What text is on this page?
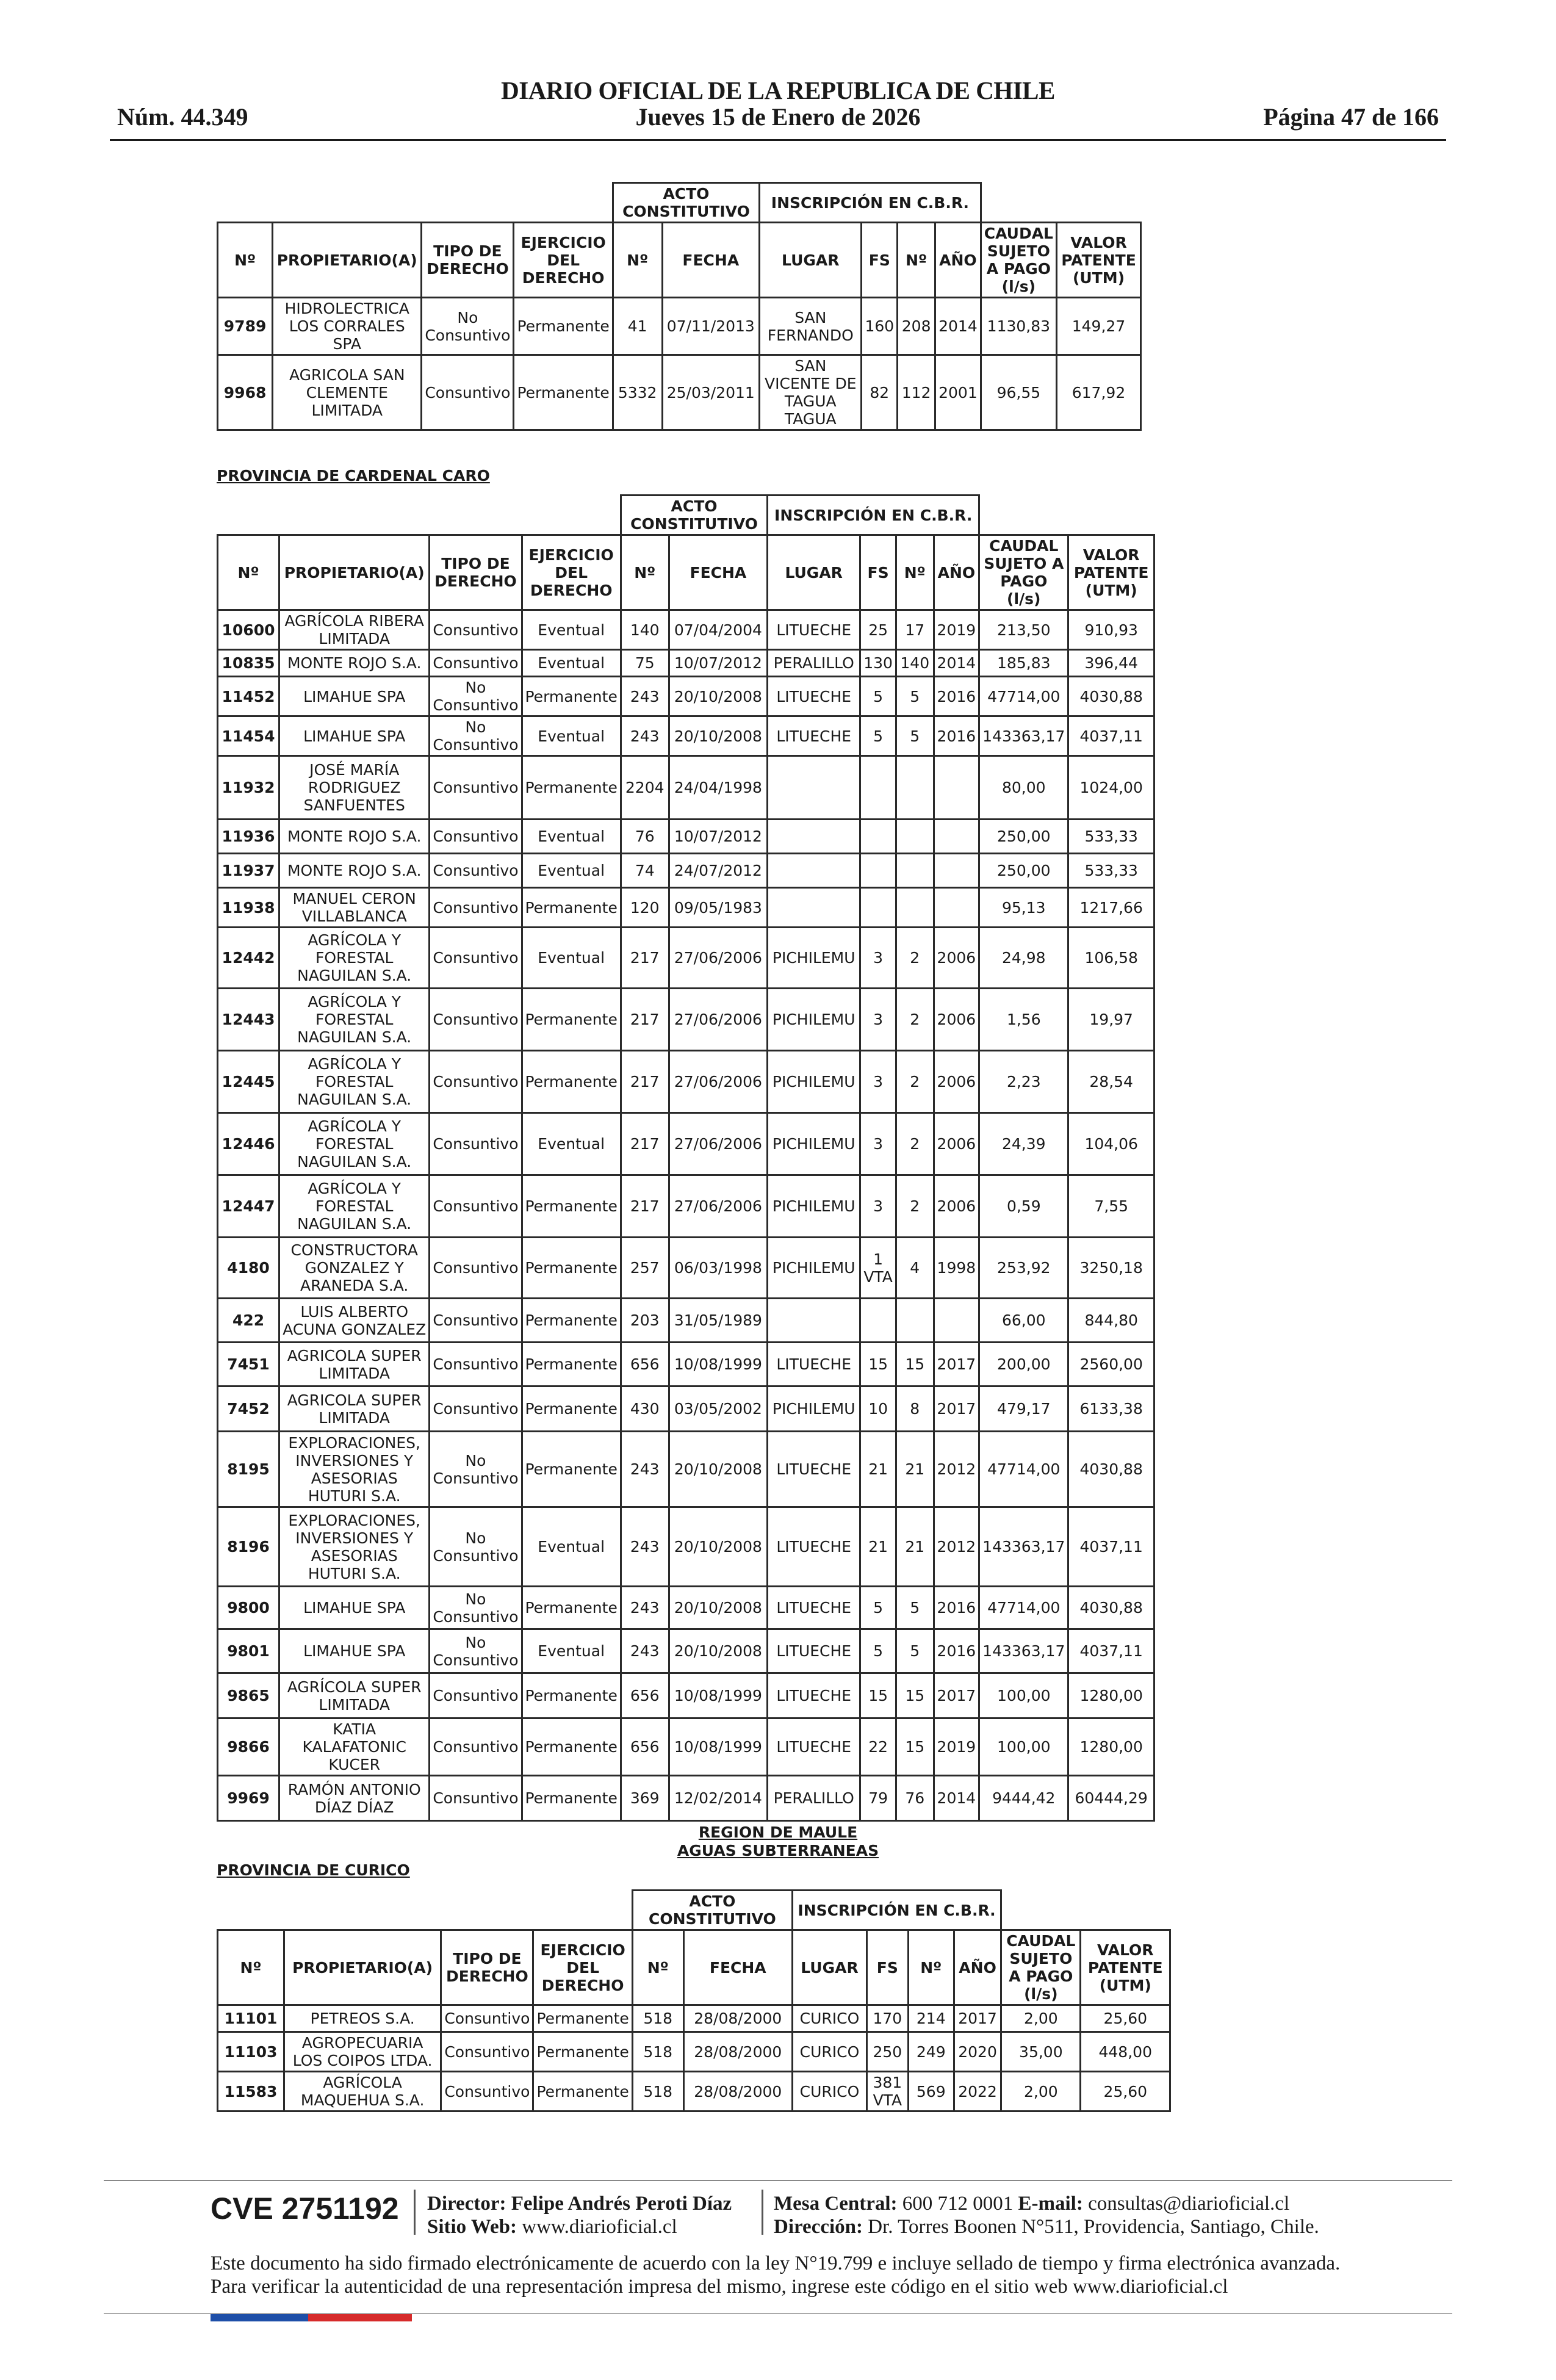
DIARIO OFICIAL DE LA REPUBLICA DE CHILE
Núm. 44.349	Jueves 15 de Enero de 2026	Página 47 de 166
PROVINCIA DE CARDENAL CARO
REGION DE MAULE
AGUAS SUBTERRANEAS
PROVINCIA DE CURICO
CVE 2751192 Director: Felipe Andrés Peroti Díaz
Sitio Web: www.diarioficial.cl
Mesa Central: 600 712 0001 E-mail: consultas@diarioficial.cl
Dirección: Dr. Torres Boonen N°511, Providencia, Santiago, Chile.
Este documento ha sido firmado electrónicamente de acuerdo con la ley N°19.799 e incluye sellado de tiempo y firma electrónica avanzada. Para verificar la autenticidad de una representación impresa del mismo, ingrese este código en el sitio web www.diarioficial.cl
				ACTO CONSTITUTIVO		INSCRIPCIÓN EN C.B.R.					
Nº	PROPIETARIO(A)	TIPO DE DERECHO	EJERCICIO DEL DERECHO	Nº	FECHA	LUGAR	FS	Nº	AÑO	CAUDAL SUJETO A PAGO (l/s)	VALOR PATENTE (UTM)
9789	HIDROLECTRICA LOS CORRALES SPA	No Consuntivo	Permanente	41	07/11/2013	SAN FERNANDO	160	208	2014	1130,83	149,27
9968	AGRICOLA SAN CLEMENTE LIMITADA	Consuntivo	Permanente	5332	25/03/2011	SAN VICENTE DE TAGUA TAGUA	82	112	2001	96,55	617,92
				ACTO CONSTITUTIVO		INSCRIPCIÓN EN C.B.R.					
Nº	PROPIETARIO(A)	TIPO DE DERECHO	EJERCICIO DEL DERECHO	Nº	FECHA	LUGAR	FS	Nº	AÑO	CAUDAL SUJETO A PAGO (l/s)	VALOR PATENTE (UTM)
10600	AGRÍCOLA RIBERA LIMITADA	Consuntivo	Eventual	140	07/04/2004	LITUECHE	25	17	2019	213,50	910,93
10835	MONTE ROJO S.A.	Consuntivo	Eventual	75	10/07/2012	PERALILLO	130	140	2014	185,83	396,44
11452	LIMAHUE SPA	No Consuntivo	Permanente	243	20/10/2008	LITUECHE	5	5	2016	47714,00	4030,88
11454	LIMAHUE SPA	No Consuntivo	Eventual	243	20/10/2008	LITUECHE	5	5	2016	143363,17	4037,11
11932	JOSÉ MARÍA RODRIGUEZ SANFUENTES	Consuntivo	Permanente	2204	24/04/1998					80,00	1024,00
11936	MONTE ROJO S.A.	Consuntivo	Eventual	76	10/07/2012					250,00	533,33
11937	MONTE ROJO S.A.	Consuntivo	Eventual	74	24/07/2012					250,00	533,33
11938	MANUEL CERON VILLABLANCA	Consuntivo	Permanente	120	09/05/1983					95,13	1217,66
12442	AGRÍCOLA Y FORESTAL NAGUILAN S.A.	Consuntivo	Eventual	217	27/06/2006	PICHILEMU	3	2	2006	24,98	106,58
12443	AGRÍCOLA Y FORESTAL NAGUILAN S.A.	Consuntivo	Permanente	217	27/06/2006	PICHILEMU	3	2	2006	1,56	19,97
12445	AGRÍCOLA Y FORESTAL NAGUILAN S.A.	Consuntivo	Permanente	217	27/06/2006	PICHILEMU	3	2	2006	2,23	28,54
12446	AGRÍCOLA Y FORESTAL NAGUILAN S.A.	Consuntivo	Eventual	217	27/06/2006	PICHILEMU	3	2	2006	24,39	104,06
12447	AGRÍCOLA Y FORESTAL NAGUILAN S.A.	Consuntivo	Permanente	217	27/06/2006	PICHILEMU	3	2	2006	0,59	7,55
4180	CONSTRUCTORA GONZALEZ Y ARANEDA S.A.	Consuntivo	Permanente	257	06/03/1998	PICHILEMU	1 VTA	4	1998	253,92	3250,18
422	LUIS ALBERTO ACUNA GONZALEZ	Consuntivo	Permanente	203	31/05/1989					66,00	844,80
7451	AGRICOLA SUPER LIMITADA	Consuntivo	Permanente	656	10/08/1999	LITUECHE	15	15	2017	200,00	2560,00
7452	AGRICOLA SUPER LIMITADA	Consuntivo	Permanente	430	03/05/2002	PICHILEMU	10	8	2017	479,17	6133,38
8195	EXPLORACIONES, INVERSIONES Y ASESORIAS HUTURI S.A.	No Consuntivo	Permanente	243	20/10/2008	LITUECHE	21	21	2012	47714,00	4030,88
8196	EXPLORACIONES, INVERSIONES Y ASESORIAS HUTURI S.A.	No Consuntivo	Eventual	243	20/10/2008	LITUECHE	21	21	2012	143363,17	4037,11
9800	LIMAHUE SPA	No Consuntivo	Permanente	243	20/10/2008	LITUECHE	5	5	2016	47714,00	4030,88
9801	LIMAHUE SPA	No Consuntivo	Eventual	243	20/10/2008	LITUECHE	5	5	2016	143363,17	4037,11
9865	AGRÍCOLA SUPER LIMITADA	Consuntivo	Permanente	656	10/08/1999	LITUECHE	15	15	2017	100,00	1280,00
9866	KATIA KALAFATONIC KUCER	Consuntivo	Permanente	656	10/08/1999	LITUECHE	22	15	2019	100,00	1280,00
9969	RAMÓN ANTONIO DÍAZ DÍAZ	Consuntivo	Permanente	369	12/02/2014	PERALILLO	79	76	2014	9444,42	60444,29
				ACTO CONSTITUTIVO		INSCRIPCIÓN EN C.B.R.					
Nº	PROPIETARIO(A)	TIPO DE DERECHO	EJERCICIO DEL DERECHO	Nº	FECHA	LUGAR	FS	Nº	AÑO	CAUDAL SUJETO A PAGO (l/s)	VALOR PATENTE (UTM)
11101	PETREOS S.A.	Consuntivo	Permanente	518	28/08/2000	CURICO	170	214	2017	2,00	25,60
11103	AGROPECUARIA LOS COIPOS LTDA.	Consuntivo	Permanente	518	28/08/2000	CURICO	250	249	2020	35,00	448,00
11583	AGRÍCOLA MAQUEHUA S.A.	Consuntivo	Permanente	518	28/08/2000	CURICO	381 VTA	569	2022	2,00	25,60
